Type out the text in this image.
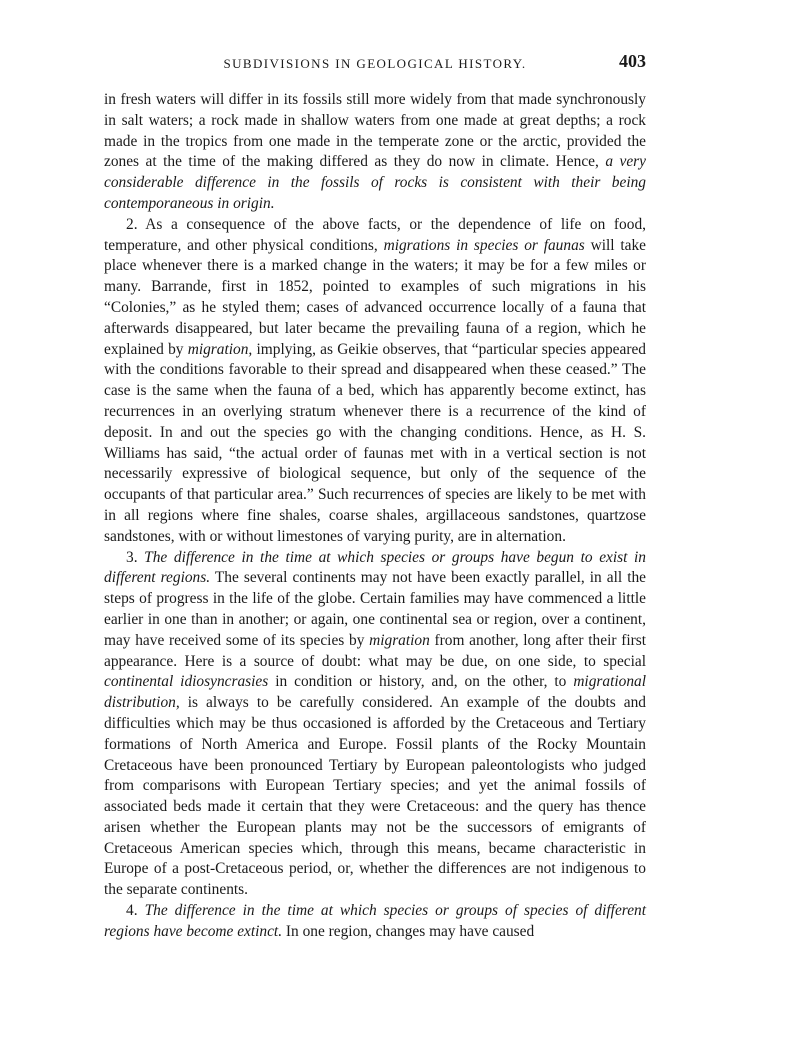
SUBDIVISIONS IN GEOLOGICAL HISTORY.	403

in fresh waters will differ in its fossils still more widely from that made synchronously in salt waters; a rock made in shallow waters from one made at great depths; a rock made in the tropics from one made in the temperate zone or the arctic, provided the zones at the time of the making differed as they do now in climate. Hence, a very considerable difference in the fossils of rocks is consistent with their being contemporaneous in origin.

2. As a consequence of the above facts, or the dependence of life on food, temperature, and other physical conditions, migrations in species or faunas will take place whenever there is a marked change in the waters; it may be for a few miles or many. Barrande, first in 1852, pointed to examples of such migrations in his “Colonies,” as he styled them; cases of advanced occurrence locally of a fauna that afterwards disappeared, but later became the prevailing fauna of a region, which he explained by migration, implying, as Geikie observes, that “particular species appeared with the conditions favorable to their spread and disappeared when these ceased.” The case is the same when the fauna of a bed, which has apparently become extinct, has recurrences in an overlying stratum whenever there is a recurrence of the kind of deposit. In and out the species go with the changing conditions. Hence, as H. S. Williams has said, “the actual order of faunas met with in a vertical section is not necessarily expressive of biological sequence, but only of the sequence of the occupants of that particular area.” Such recurrences of species are likely to be met with in all regions where fine shales, coarse shales, argillaceous sandstones, quartzose sandstones, with or without limestones of varying purity, are in alternation.

3. The difference in the time at which species or groups have begun to exist in different regions. The several continents may not have been exactly parallel, in all the steps of progress in the life of the globe. Certain families may have commenced a little earlier in one than in another; or again, one continental sea or region, over a continent, may have received some of its species by migration from another, long after their first appearance. Here is a source of doubt: what may be due, on one side, to special continental idiosyncrasies in condition or history, and, on the other, to migrational distribution, is always to be carefully considered. An example of the doubts and difficulties which may be thus occasioned is afforded by the Cretaceous and Tertiary formations of North America and Europe. Fossil plants of the Rocky Mountain Cretaceous have been pronounced Tertiary by European paleontologists who judged from comparisons with European Tertiary species; and yet the animal fossils of associated beds made it certain that they were Cretaceous: and the query has thence arisen whether the European plants may not be the successors of emigrants of Cretaceous American species which, through this means, became characteristic in Europe of a post-Cretaceous period, or, whether the differences are not indigenous to the separate continents.

4. The difference in the time at which species or groups of species of different regions have become extinct. In one region, changes may have caused
